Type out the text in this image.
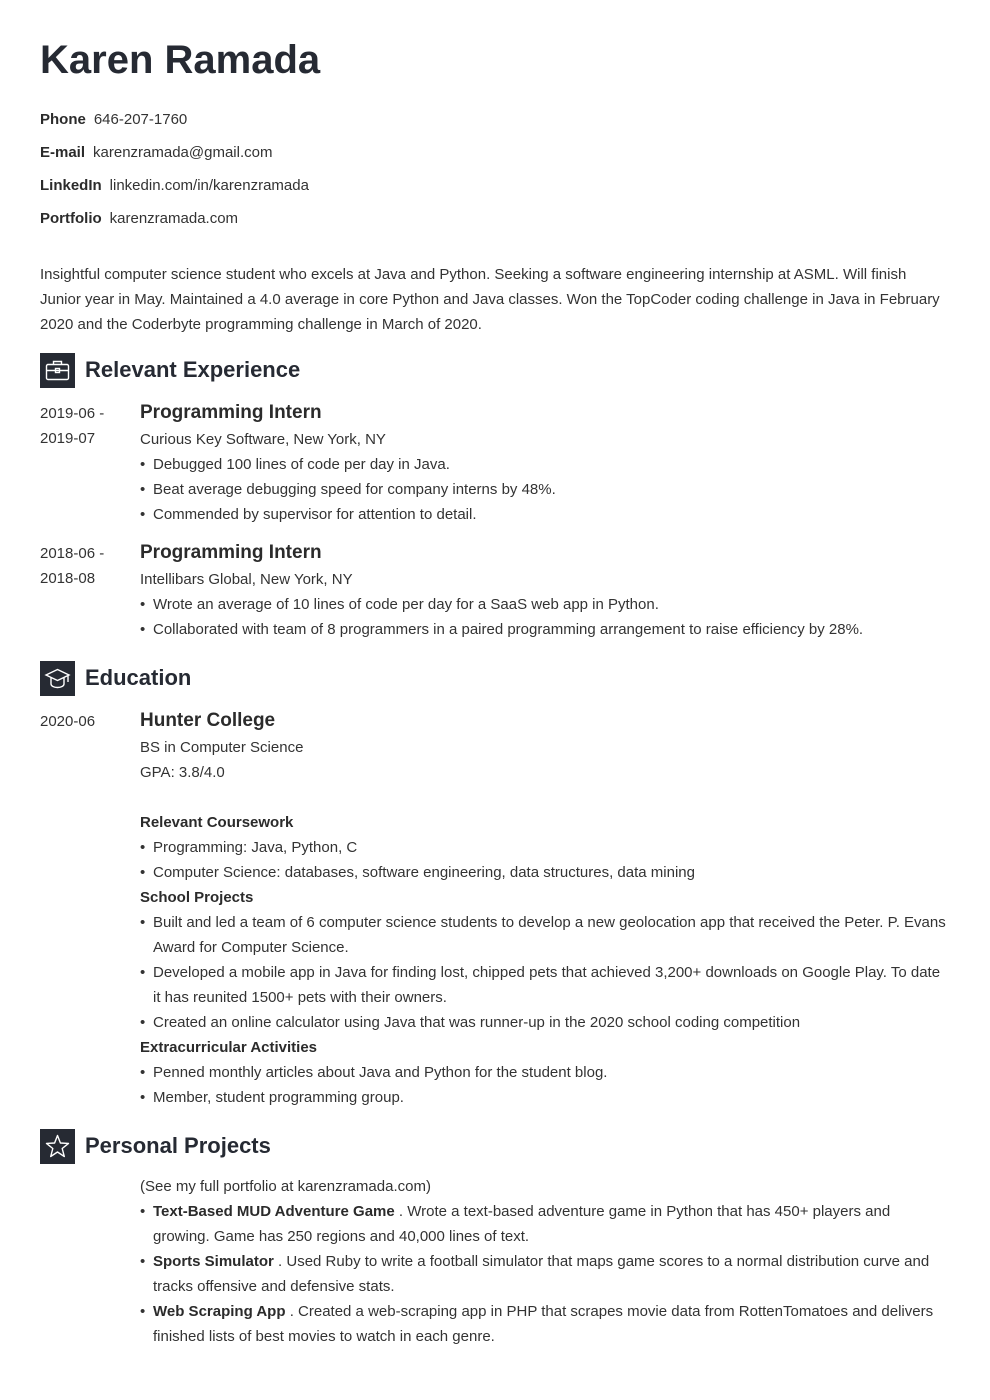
Karen Ramada
Phone 646-207-1760
E-mail karenzramada@gmail.com
LinkedIn linkedin.com/in/karenzramada
Portfolio karenzramada.com

Insightful computer science student who excels at Java and Python. Seeking a software engineering internship at ASML. Will finish Junior year in May. Maintained a 4.0 average in core Python and Java classes. Won the TopCoder coding challenge in Java in February 2020 and the Coderbyte programming challenge in March of 2020.

Relevant Experience
2019-06 -
2019-07

Programming Intern

Curious Key Software, New York, NY

• Debugged 100 lines of code per day in Java.
• Beat average debugging speed for company interns by 48%.
• Commended by supervisor for attention to detail.
2018-06 -
2018-08

Programming Intern

Intellibars Global, New York, NY

• Wrote an average of 10 lines of code per day for a SaaS web app in Python.
• Collaborated with team of 8 programmers in a paired programming arrangement to raise efficiency by 28%.
Education
2020-06	Hunter College

BS in Computer Science

GPA: 3.8/4.0

Relevant Coursework

• Programming: Java, Python, C
• Computer Science: databases, software engineering, data structures, data mining

School Projects

• Built and led a team of 6 computer science students to develop a new geolocation app that received the Peter. P. Evans Award for Computer Science.
• Developed a mobile app in Java for finding lost, chipped pets that achieved 3,200+ downloads on Google Play. To date it has reunited 1500+ pets with their owners.
• Created an online calculator using Java that was runner-up in the 2020 school coding competition

Extracurricular Activities

• Penned monthly articles about Java and Python for the student blog.
• Member, student programming group.
Personal Projects

(See my full portfolio at karenzramada.com)

• Text-Based MUD Adventure Game . Wrote a text-based adventure game in Python that has 450+ players and growing. Game has 250 regions and 40,000 lines of text.
• Sports Simulator . Used Ruby to write a football simulator that maps game scores to a normal distribution curve and tracks offensive and defensive stats.
• Web Scraping App . Created a web-scraping app in PHP that scrapes movie data from RottenTomatoes and delivers finished lists of best movies to watch in each genre.
